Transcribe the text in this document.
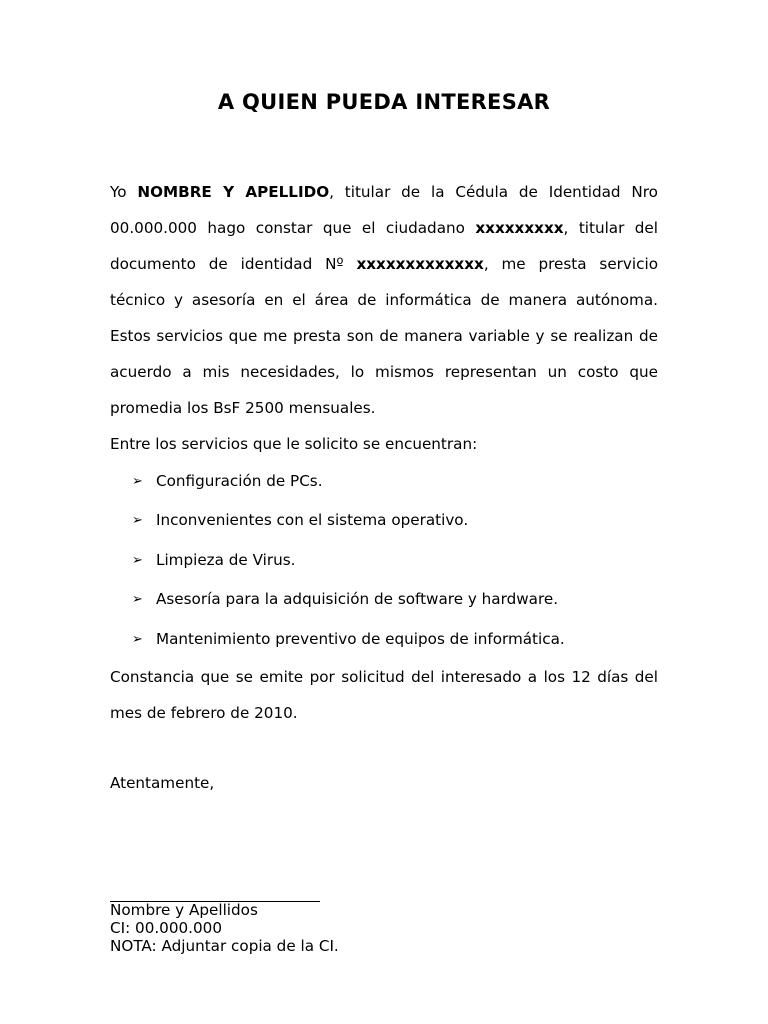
A QUIEN PUEDA INTERESAR

Yo NOMBRE Y APELLIDO, titular de la Cédula de Identidad Nro 00.000.000 hago constar que el ciudadano xxxxxxxxx, titular del documento de identidad Nº xxxxxxxxxxxxx, me presta servicio técnico y asesoría en el área de informática de manera autónoma. Estos servicios que me presta son de manera variable y se realizan de acuerdo a mis necesidades, lo mismos representan un costo que promedia los BsF 2500 mensuales.

Entre los servicios que le solicito se encuentran:

➢ Configuración de PCs.
➢ Inconvenientes con el sistema operativo.
➢ Limpieza de Virus.
➢ Asesoría para la adquisición de software y hardware.
➢ Mantenimiento preventivo de equipos de informática.

Constancia que se emite por solicitud del interesado a los 12 días del mes de febrero de 2010.

Atentamente,
Nombre y Apellidos
CI: 00.000.000
NOTA: Adjuntar copia de la CI.
